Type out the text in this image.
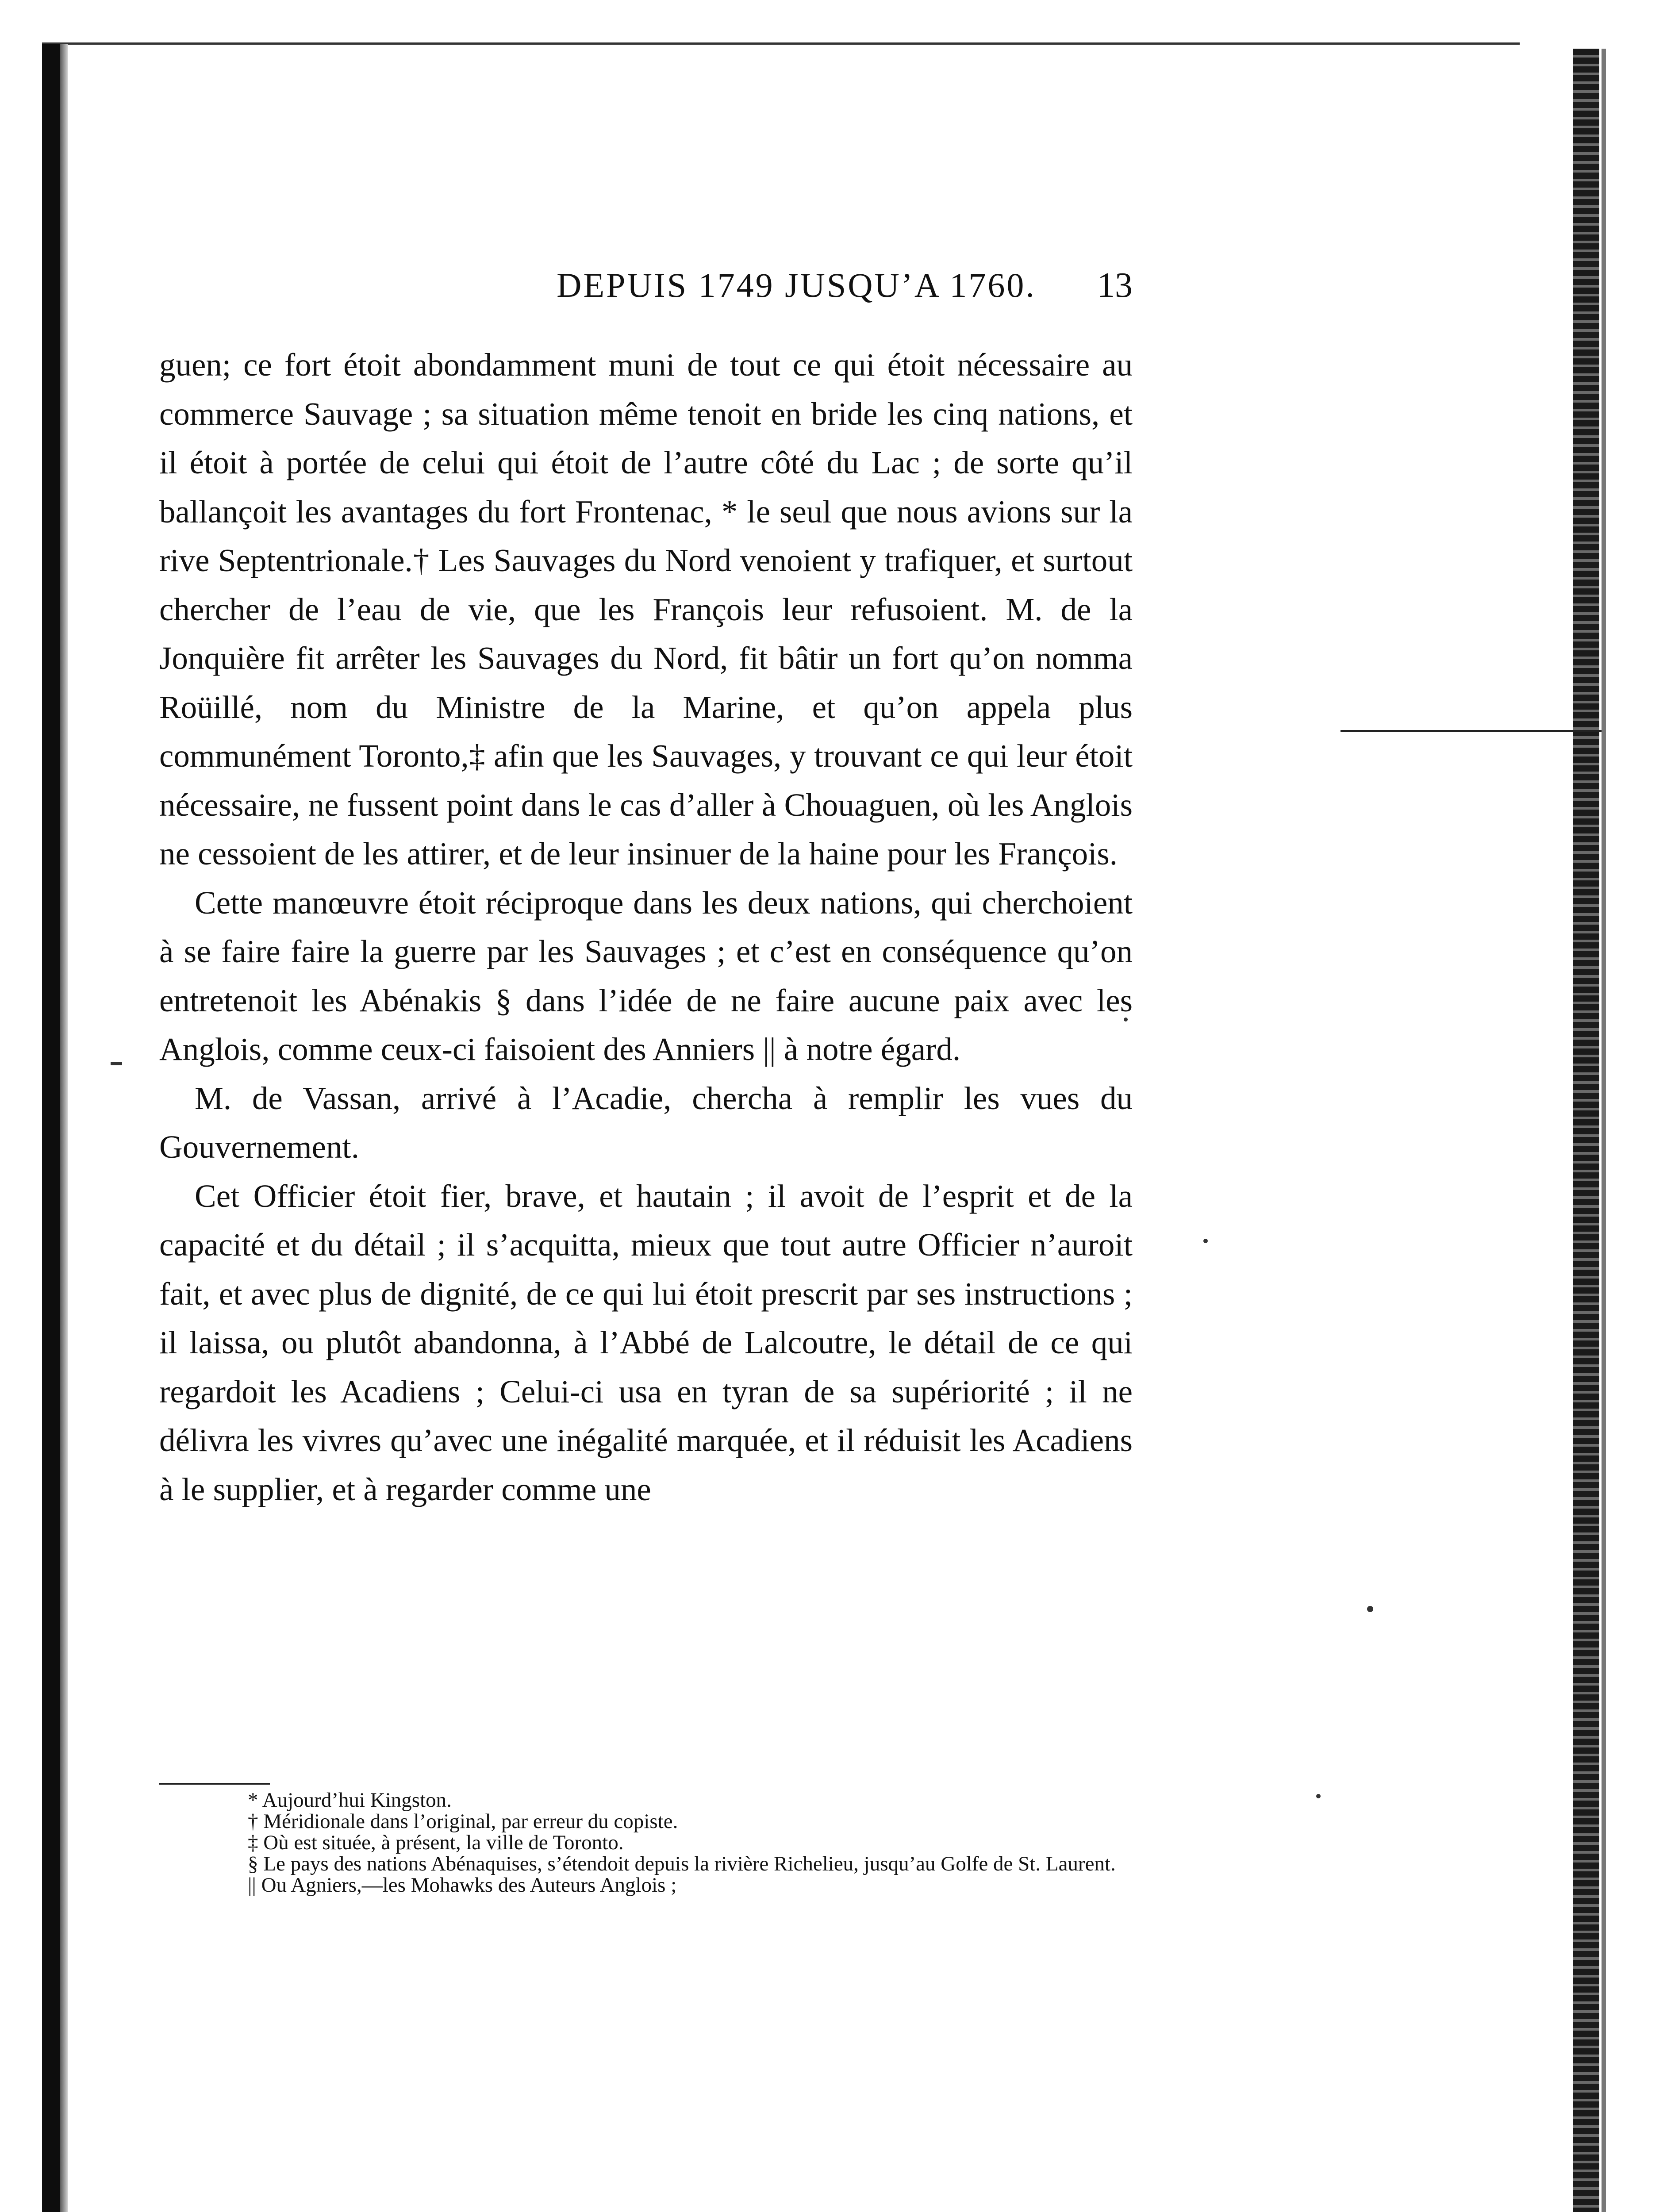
DEPUIS 1749 JUSQU’A 1760.	13

guen; ce fort étoit abondamment muni de tout ce qui étoit nécessaire au commerce Sauvage ; sa situation même tenoit en bride les cinq nations, et il étoit à portée de celui qui étoit de l’autre côté du Lac ; de sorte qu’il ballançoit les avantages du fort Frontenac, * le seul que nous avions sur la rive Septentrionale.† Les Sauvages du Nord venoient y trafiquer, et surtout chercher de l’eau de vie, que les François leur refusoient. M. de la Jonquière fit arrêter les Sauvages du Nord, fit bâtir un fort qu’on nomma Roüillé, nom du Ministre de la Marine, et qu’on appela plus communément Toronto,‡ afin que les Sauvages, y trouvant ce qui leur étoit nécessaire, ne fussent point dans le cas d’aller à Chouaguen, où les Anglois ne cessoient de les attirer, et de leur insinuer de la haine pour les François.

Cette manœuvre étoit réciproque dans les deux nations, qui cherchoient à se faire faire la guerre par les Sauvages ; et c’est en conséquence qu’on entretenoit les Abénakis § dans l’idée de ne faire aucune paix avec les Anglois, comme ceux-ci faisoient des Anniers || à notre égard.

M. de Vassan, arrivé à l’Acadie, chercha à remplir les vues du Gouvernement.

Cet Officier étoit fier, brave, et hautain ; il avoit de l’esprit et de la capacité et du détail ; il s’acquitta, mieux que tout autre Officier n’auroit fait, et avec plus de dignité, de ce qui lui étoit prescrit par ses instructions ; il laissa, ou plutôt abandonna, à l’Abbé de Lalcoutre, le détail de ce qui regardoit les Acadiens ; Celui-ci usa en tyran de sa supériorité ; il ne délivra les vivres qu’avec une inégalité marquée, et il réduisit les Acadiens à le supplier, et à regarder comme une

* Aujourd’hui Kingston.

† Méridionale dans l’original, par erreur du copiste.

‡ Où est située, à présent, la ville de Toronto.

§ Le pays des nations Abénaquises, s’étendoit depuis la rivière Richelieu, jusqu’au Golfe de St. Laurent.

|| Ou Agniers,—les Mohawks des Auteurs Anglois ;
